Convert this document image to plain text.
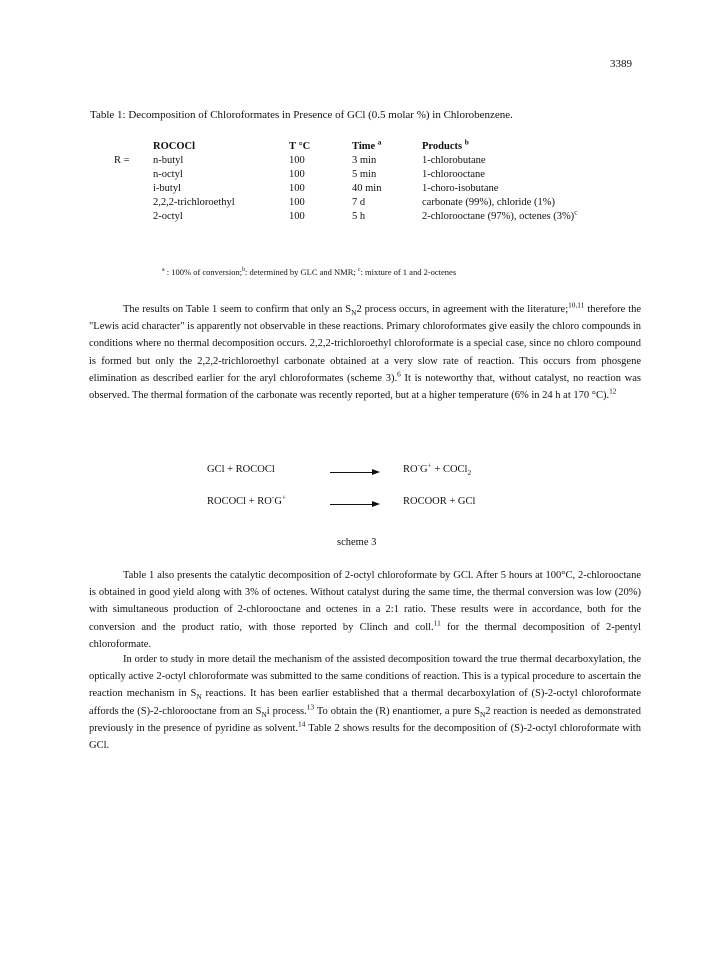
3389
Table 1: Decomposition of Chloroformates in Presence of GCl (0.5 molar %) in Chlorobenzene.
	ROCOCl	T °C	Time $^a$	Products $^b$
R =	n-butyl	100	3 min	1-chlorobutane
	n-octyl	100	5 min	1-chlorooctane
	i-butyl	100	40 min	1-choro-isobutane
	2,2,2-trichloroethyl	100	7 d	carbonate (99%), chloride (1%)
	2-octyl	100	5 h	2-chlorooctane (97%), octenes $(3\%)^c$
$^a$ : 100% of conversion;$^b$: determined by GLC and NMR; $^c$: mixture of 1 and 2-octenes

The results on Table 1 seem to confirm that only an $S_N2$ process occurs, in agreement with the literature;$^{10,11}$ therefore the "Lewis acid character" is apparently not observable in these reactions. Primary chloroformates give easily the chloro compounds in conditions where no thermal decomposition occurs. 2,2,2-trichloroethyl chloroformate is a special case, since no chloro compound is formed but only the 2,2,2-trichloroethyl carbonate obtained at a very slow rate of reaction. This occurs from phosgene elimination as described earlier for the aryl chloroformates (scheme 3).$^6$ It is noteworthy that, without catalyst, no reaction was observed. The thermal formation of the carbonate was recently reported, but at a higher temperature (6% in 24 h at 170 °C).$^{12}$

GCl + ROCOCl	RO-G+ + COCl$_2$
ROCOCl + RO-G+	ROCOOR + GCl
scheme 3

Table 1 also presents the catalytic decomposition of 2-octyl chloroformate by GCl. After 5 hours at 100°C, 2-chlorooctane is obtained in good yield along with 3% of octenes. Without catalyst during the same time, the thermal conversion was low (20%) with simultaneous production of 2-chlorooctane and octenes in a 2:1 ratio. These results were in accordance, both for the conversion and the product ratio, with those reported by Clinch and coll.$^{11}$ for the thermal decomposition of 2-pentyl chloroformate.

In order to study in more detail the mechanism of the assisted decomposition toward the true thermal decarboxylation, the optically active 2-octyl chloroformate was submitted to the same conditions of reaction. This is a typical procedure to ascertain the reaction mechanism in $S_N$ reactions. It has been earlier established that a thermal decarboxylation of (S)-2-octyl chloroformate affords the (S)-2-chlorooctane from an $S_Ni$ process.$^{13}$ To obtain the (R) enantiomer, a pure $S_N2$ reaction is needed as demonstrated previously in the presence of pyridine as solvent.$^{14}$ Table 2 shows results for the decomposition of (S)-2-octyl chloroformate with GCl.
